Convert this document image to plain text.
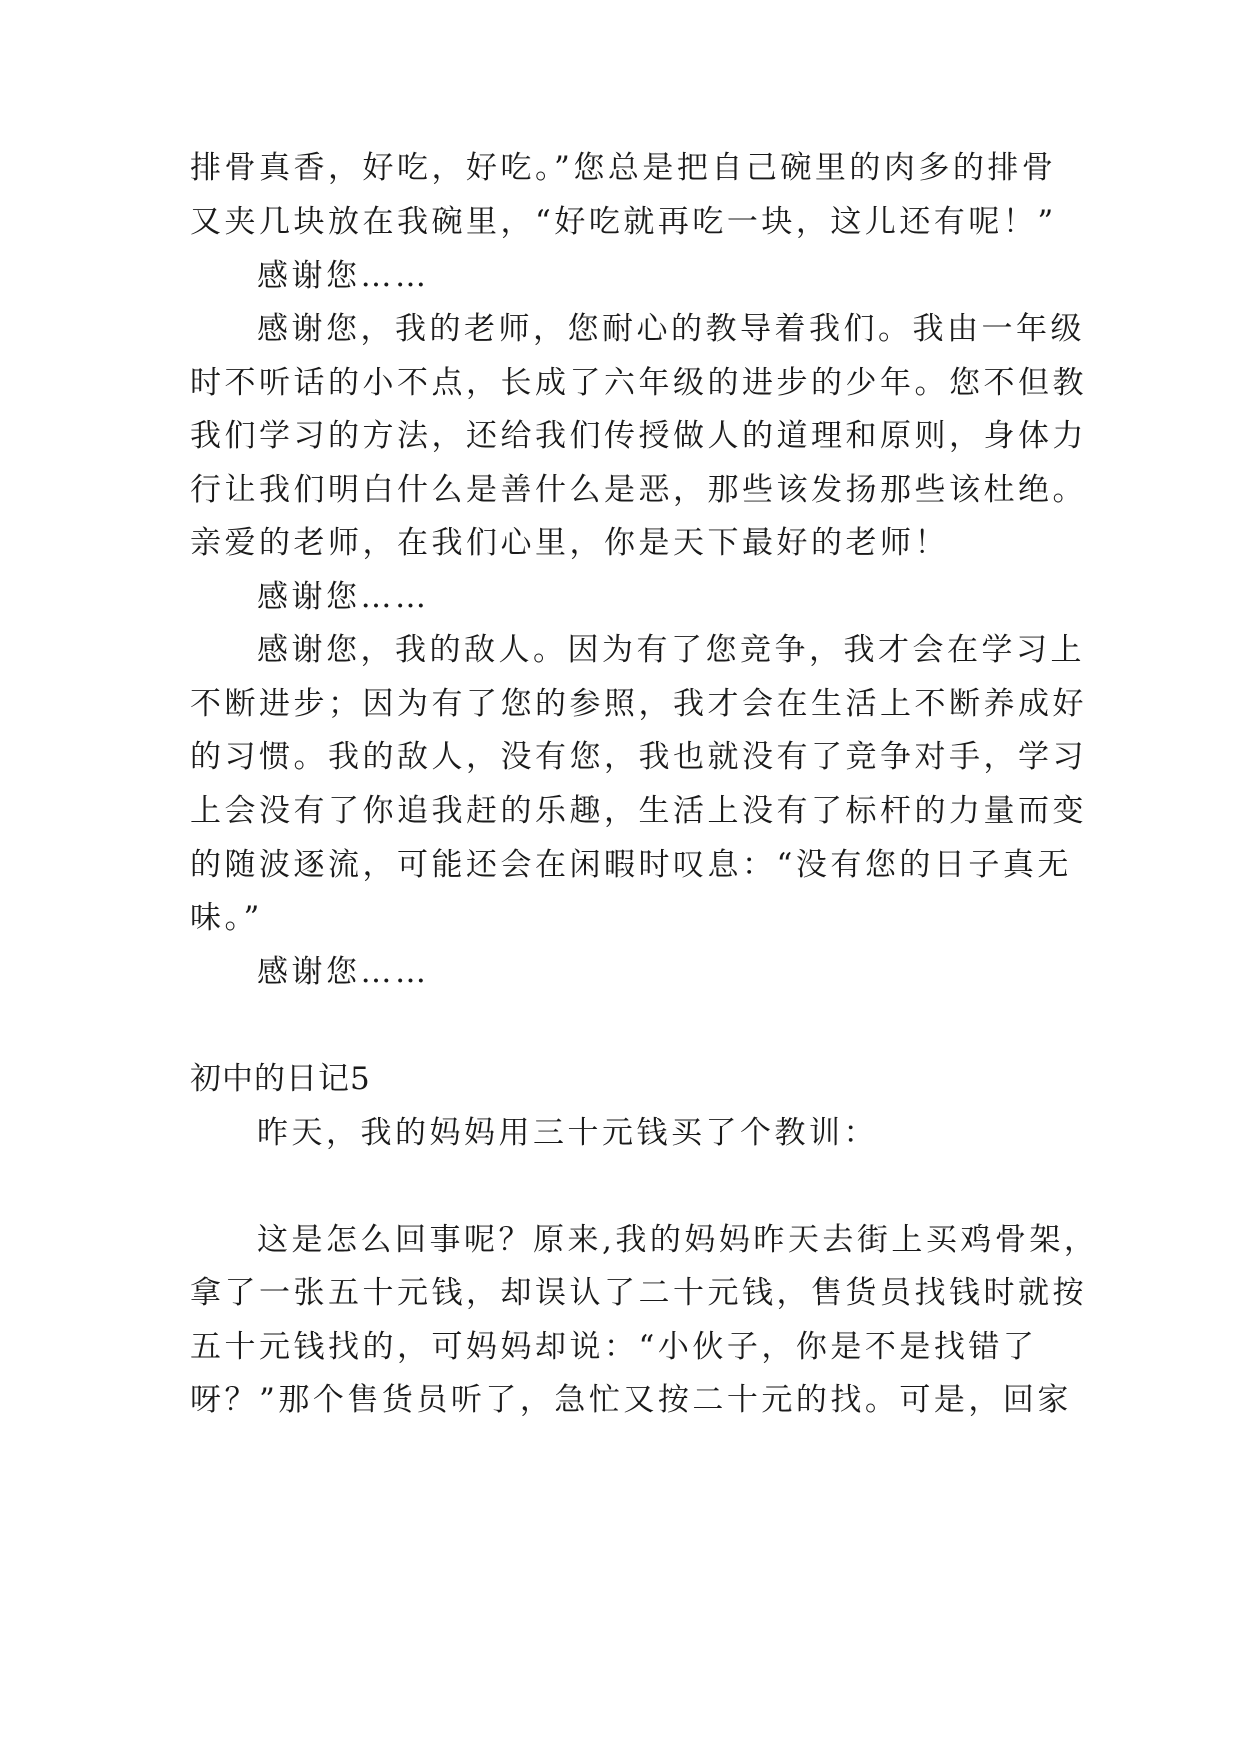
排骨真香，好吃，好吃。”您总是把自己碗里的肉多的排骨
又夹几块放在我碗里，“好吃就再吃一块，这儿还有呢！”
感谢您……
感谢您，我的老师，您耐心的教导着我们。我由一年级
时不听话的小不点，长成了六年级的进步的少年。您不但教
我们学习的方法，还给我们传授做人的道理和原则，身体力
行让我们明白什么是善什么是恶，那些该发扬那些该杜绝。
亲爱的老师，在我们心里，你是天下最好的老师！
感谢您……
感谢您，我的敌人。因为有了您竞争，我才会在学习上
不断进步；因为有了您的参照，我才会在生活上不断养成好
的习惯。我的敌人，没有您，我也就没有了竞争对手，学习
上会没有了你追我赶的乐趣，生活上没有了标杆的力量而变
的随波逐流，可能还会在闲暇时叹息：“没有您的日子真无
味。”
感谢您……
初中的日记5
昨天，我的妈妈用三十元钱买了个教训：
这是怎么回事呢？原来,我的妈妈昨天去街上买鸡骨架，
拿了一张五十元钱，却误认了二十元钱，售货员找钱时就按
五十元钱找的，可妈妈却说：“小伙子，你是不是找错了
呀？”那个售货员听了，急忙又按二十元的找。可是，回家
